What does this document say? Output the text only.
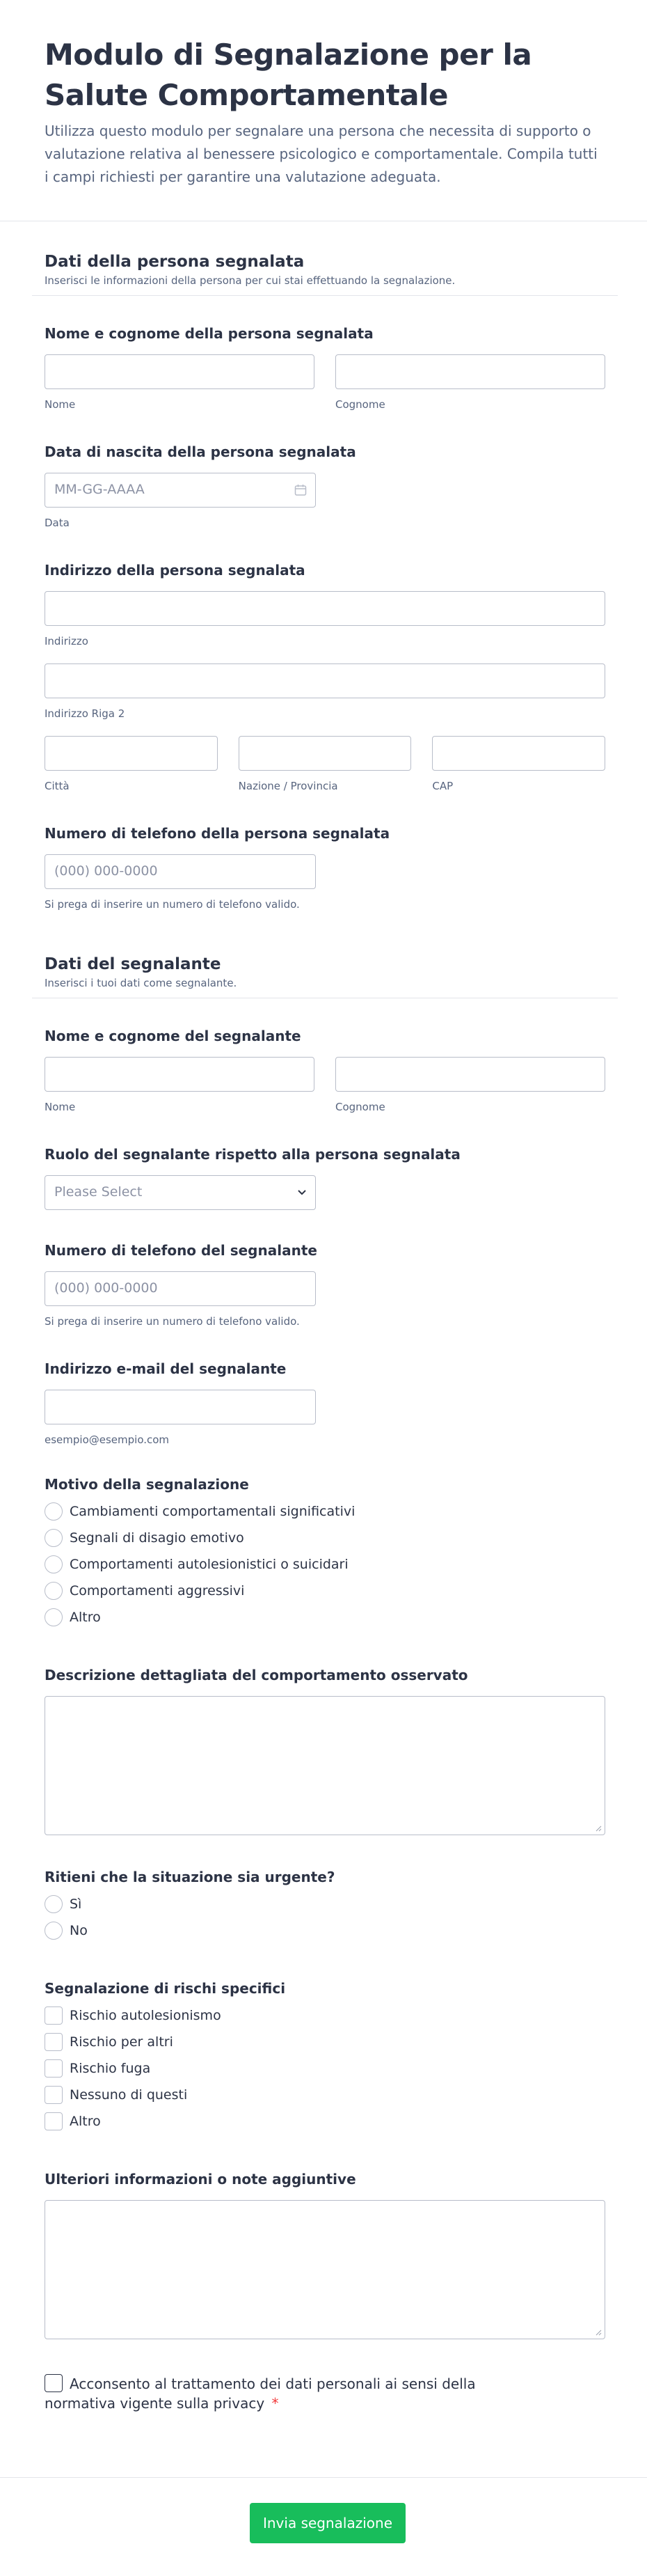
Modulo di Segnalazione per la Salute Comportamentale

Utilizza questo modulo per segnalare una persona che necessita di supporto o valutazione relativa al benessere psicologico e comportamentale. Compila tutti i campi richiesti per garantire una valutazione adeguata.

Dati della persona segnalata
Inserisci le informazioni della persona per cui stai effettuando la segnalazione.
Nome e cognome della persona segnalata
Nome	Cognome
Data di nascita della persona segnalata
MM-GG-AAAA
Data
Indirizzo della persona segnalata
Indirizzo
Indirizzo Riga 2
Città	Nazione / Provincia	CAP
Numero di telefono della persona segnalata
(000) 000-0000
Si prega di inserire un numero di telefono valido.
Dati del segnalante
Inserisci i tuoi dati come segnalante.
Nome e cognome del segnalante
Nome	Cognome
Ruolo del segnalante rispetto alla persona segnalata
Please Select
Numero di telefono del segnalante
(000) 000-0000
Si prega di inserire un numero di telefono valido.
Indirizzo e-mail del segnalante
esempio@esempio.com
Motivo della segnalazione
Cambiamenti comportamentali significativi
Segnali di disagio emotivo
Comportamenti autolesionistici o suicidari
Comportamenti aggressivi
Altro
Descrizione dettagliata del comportamento osservato
Ritieni che la situazione sia urgente?
Sì
No
Segnalazione di rischi specifici
Rischio autolesionismo
Rischio per altri
Rischio fuga
Nessuno di questi
Altro
Ulteriori informazioni o note aggiuntive
Acconsento al trattamento dei dati personali ai sensi della normativa vigente sulla privacy *
Invia segnalazione
